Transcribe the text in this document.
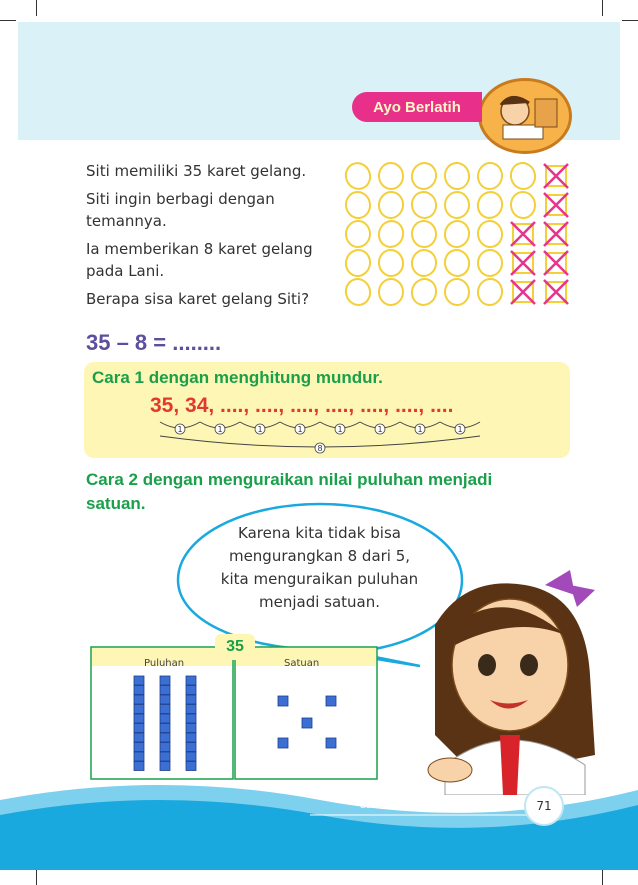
Ayo Berlatih

Siti memiliki 35 karet gelang.

Siti ingin berbagi dengan temannya.

Ia memberikan 8 karet gelang pada Lani.

Berapa sisa karet gelang Siti?

35 – 8 = ........
Cara 1 dengan menghitung mundur.
35, 34, ...., ...., ...., ...., ...., ...., ....
1	1	1	1	1	1	1	1
8
Cara 2 dengan menguraikan nilai puluhan menjadi satuan.
Karena kita tidak bisa
mengurangkan 8 dari 5,
kita menguraikan puluhan
menjadi satuan.
Puluhan	Satuan
35
Subtema 3: Pengalaman di Sekolah	71
